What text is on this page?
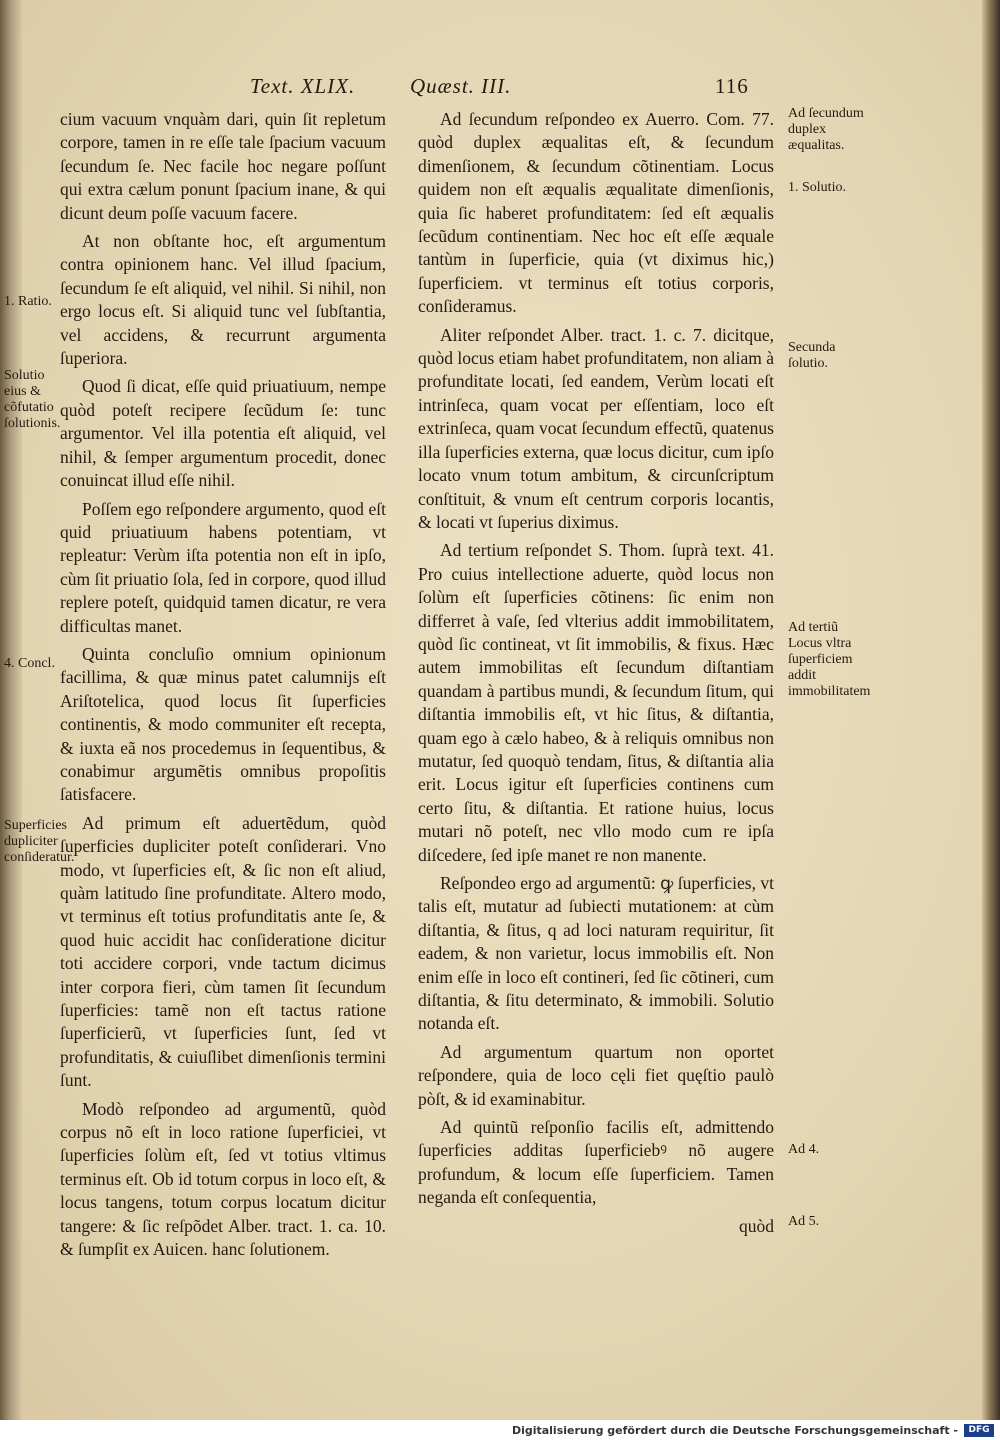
Text. XLIX.	Quæst. III.	116
1. Ratio.
Solutio eius & cõfutatio ſolutionis.
4. Concl.
Superficies dupliciter conſideratur.

cium vacuum vnquàm dari, quin ſit repletum corpore, tamen in re eſſe tale ſpacium vacuum ſecundum ſe. Nec facile hoc negare poſſunt qui extra cælum ponunt ſpacium inane, & qui dicunt deum poſſe vacuum facere.

At non obſtante hoc, eſt argumentum contra opinionem hanc. Vel illud ſpacium, ſecundum ſe eſt aliquid, vel nihil. Si nihil, non ergo locus eſt. Si aliquid tunc vel ſubſtantia, vel accidens, & recurrunt argumenta ſuperiora.

Quod ſi dicat, eſſe quid priuatiuum, nempe quòd poteſt recipere ſecũdum ſe: tunc argumentor. Vel illa potentia eſt aliquid, vel nihil, & ſemper argumentum procedit, donec conuincat illud eſſe nihil.

Poſſem ego reſpondere argumento, quod eſt quid priuatiuum habens potentiam, vt repleatur: Verùm iſta potentia non eſt in ipſo, cùm ſit priuatio ſola, ſed in corpore, quod illud replere poteſt, quidquid tamen dicatur, re vera difficultas manet.

Quinta concluſio omnium opinionum facillima, & quæ minus patet calumnijs eſt Ariſtotelica, quod locus ſit ſuperficies continentis, & modo communiter eſt recepta, & iuxta eã nos procedemus in ſequentibus, & conabimur argumẽtis omnibus propoſitis ſatisfacere.

Ad primum eſt aduertẽdum, quòd ſuperficies dupliciter poteſt conſiderari. Vno modo, vt ſuperficies eſt, & ſic non eſt aliud, quàm latitudo ſine profunditate. Altero modo, vt terminus eſt totius profunditatis ante ſe, & quod huic accidit hac conſideratione dicitur toti accidere corpori, vnde tactum dicimus inter corpora fieri, cùm tamen ſit ſecundum ſuperficies: tamẽ non eſt tactus ratione ſuperficierũ, vt ſuperficies ſunt, ſed vt profunditatis, & cuiuſlibet dimenſionis termini ſunt.

Modò reſpondeo ad argumentũ, quòd corpus nõ eſt in loco ratione ſuperficiei, vt ſuperficies ſolùm eſt, ſed vt totius vltimus terminus eſt. Ob id totum corpus in loco eſt, & locus tangens, totum corpus locatum dicitur tangere: & ſic reſpõdet Alber. tract. 1. ca. 10. & ſumpſit ex Auicen. hanc ſolutionem.

Ad ſecundum reſpondeo ex Auerro. Com. 77. quòd duplex æqualitas eſt, & ſecundum dimenſionem, & ſecundum cõtinentiam. Locus quidem non eſt æqualis æqualitate dimenſionis, quia ſic haberet profunditatem: ſed eſt æqualis ſecũdum continentiam. Nec hoc eſt eſſe æquale tantùm in ſuperficie, quia (vt diximus hic,) ſuperficiem. vt terminus eſt totius corporis, conſideramus.

Aliter reſpondet Alber. tract. 1. c. 7. dicitque, quòd locus etiam habet profunditatem, non aliam à profunditate locati, ſed eandem, Verùm locati eſt intrinſeca, quam vocat per eſſentiam, loco eſt extrinſeca, quam vocat ſecundum effectũ, quatenus illa ſuperficies externa, quæ locus dicitur, cum ipſo locato vnum totum ambitum, & circunſcriptum conſtituit, & vnum eſt centrum corporis locantis, & locati vt ſuperius diximus.

Ad tertium reſpondet S. Thom. ſuprà text. 41. Pro cuius intellectione aduerte, quòd locus non ſolùm eſt ſuperficies cõtinens: ſic enim non differret à vaſe, ſed vlterius addit immobilitatem, quòd ſic contineat, vt ſit immobilis, & fixus. Hæc autem immobilitas eſt ſecundum diſtantiam quandam à partibus mundi, & ſecundum ſitum, qui diſtantia immobilis eſt, vt hic ſitus, & diſtantia, quam ego à cælo habeo, & à reliquis omnibus non mutatur, ſed quoquò tendam, ſitus, & diſtantia alia erit. Locus igitur eſt ſuperficies continens cum certo ſitu, & diſtantia. Et ratione huius, locus mutari nõ poteſt, nec vllo modo cum re ipſa diſcedere, ſed ipſe manet re non manente.

Reſpondeo ergo ad argumentũ: ꝙ ſuperficies, vt talis eſt, mutatur ad ſubiecti mutationem: at cùm diſtantia, & ſitus, q ad loci naturam requiritur, ſit eadem, & non varietur, locus immobilis eſt. Non enim eſſe in loco eſt contineri, ſed ſic cõtineri, cum diſtantia, & ſitu determinato, & immobili. Solutio notanda eſt.

Ad argumentum quartum non oportet reſpondere, quia de loco cęli fiet quęſtio paulò pòſt, & id examinabitur.

Ad quintũ reſponſio facilis eſt, admittendo ſuperficies additas ſuperficiebꝰ nõ augere profundum, & locum eſſe ſuperficiem. Tamen neganda eſt conſequentia,

quòd
Ad ſecundum duplex æqualitas.
1. Solutio.
Secunda ſolutio.
Ad tertiũ Locus vltra ſuperficiem addit immobilitatem
Ad 4.
Ad 5.
Digitalisierung gefördert durch die Deutsche Forschungsgemeinschaft -	DFG
